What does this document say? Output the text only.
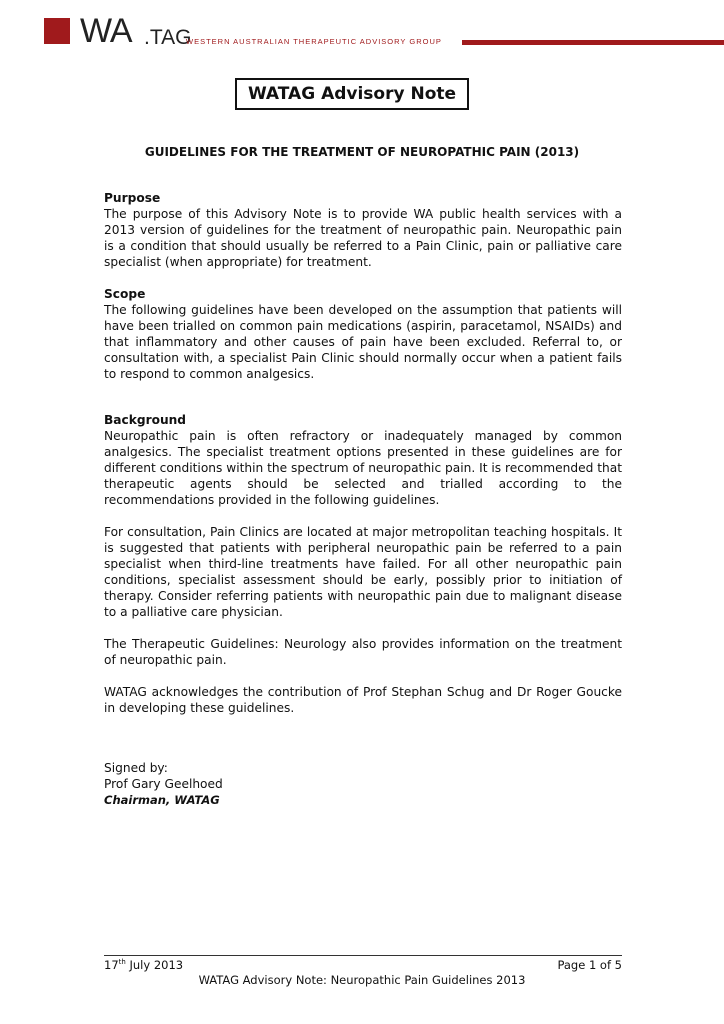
WA .TAG
WESTERN AUSTRALIAN THERAPEUTIC ADVISORY GROUP
WATAG Advisory Note
GUIDELINES FOR THE TREATMENT OF NEUROPATHIC PAIN (2013)
Purpose

The purpose of this Advisory Note is to provide WA public health services with a 2013 version of guidelines for the treatment of neuropathic pain. Neuropathic pain is a condition that should usually be referred to a Pain Clinic, pain or palliative care specialist (when appropriate) for treatment.

Scope

The following guidelines have been developed on the assumption that patients will have been trialled on common pain medications (aspirin, paracetamol, NSAIDs) and that inflammatory and other causes of pain have been excluded. Referral to, or consultation with, a specialist Pain Clinic should normally occur when a patient fails to respond to common analgesics.

Background

Neuropathic pain is often refractory or inadequately managed by common analgesics. The specialist treatment options presented in these guidelines are for different conditions within the spectrum of neuropathic pain. It is recommended that therapeutic agents should be selected and trialled according to the recommendations provided in the following guidelines.

For consultation, Pain Clinics are located at major metropolitan teaching hospitals. It is suggested that patients with peripheral neuropathic pain be referred to a pain specialist when third-line treatments have failed. For all other neuropathic pain conditions, specialist assessment should be early, possibly prior to initiation of therapy. Consider referring patients with neuropathic pain due to malignant disease to a palliative care physician.

The Therapeutic Guidelines: Neurology also provides information on the treatment of neuropathic pain.

WATAG acknowledges the contribution of Prof Stephan Schug and Dr Roger Goucke in developing these guidelines.

Signed by:
Prof Gary Geelhoed
Chairman, WATAG
17th July 2013	Page 1 of 5
WATAG Advisory Note: Neuropathic Pain Guidelines 2013
